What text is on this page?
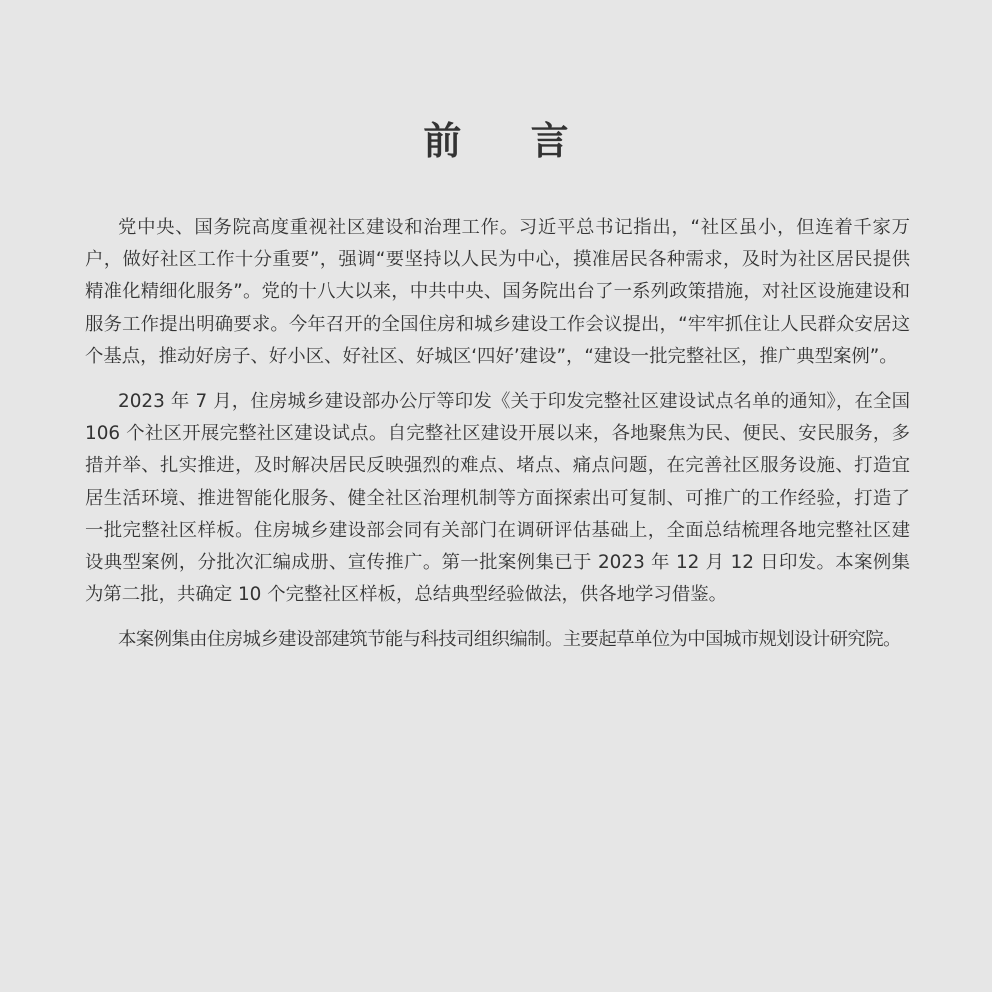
前 言

党中央、国务院高度重视社区建设和治理工作。习近平总书记指出，“社区虽小，但连着千家万户，做好社区工作十分重要”，强调“要坚持以人民为中心，摸准居民各种需求，及时为社区居民提供精准化精细化服务”。党的十八大以来，中共中央、国务院出台了一系列政策措施，对社区设施建设和服务工作提出明确要求。今年召开的全国住房和城乡建设工作会议提出，“牢牢抓住让人民群众安居这个基点，推动好房子、好小区、好社区、好城区‘四好’建设”，“建设一批完整社区，推广典型案例”。

2023 年 7 月，住房城乡建设部办公厅等印发《关于印发完整社区建设试点名单的通知》，在全国 106 个社区开展完整社区建设试点。自完整社区建设开展以来，各地聚焦为民、便民、安民服务，多措并举、扎实推进，及时解决居民反映强烈的难点、堵点、痛点问题，在完善社区服务设施、打造宜居生活环境、推进智能化服务、健全社区治理机制等方面探索出可复制、可推广的工作经验，打造了一批完整社区样板。住房城乡建设部会同有关部门在调研评估基础上，全面总结梳理各地完整社区建设典型案例，分批次汇编成册、宣传推广。第一批案例集已于 2023 年 12 月 12 日印发。本案例集为第二批，共确定 10 个完整社区样板，总结典型经验做法，供各地学习借鉴。

本案例集由住房城乡建设部建筑节能与科技司组织编制。主要起草单位为中国城市规划设计研究院。
